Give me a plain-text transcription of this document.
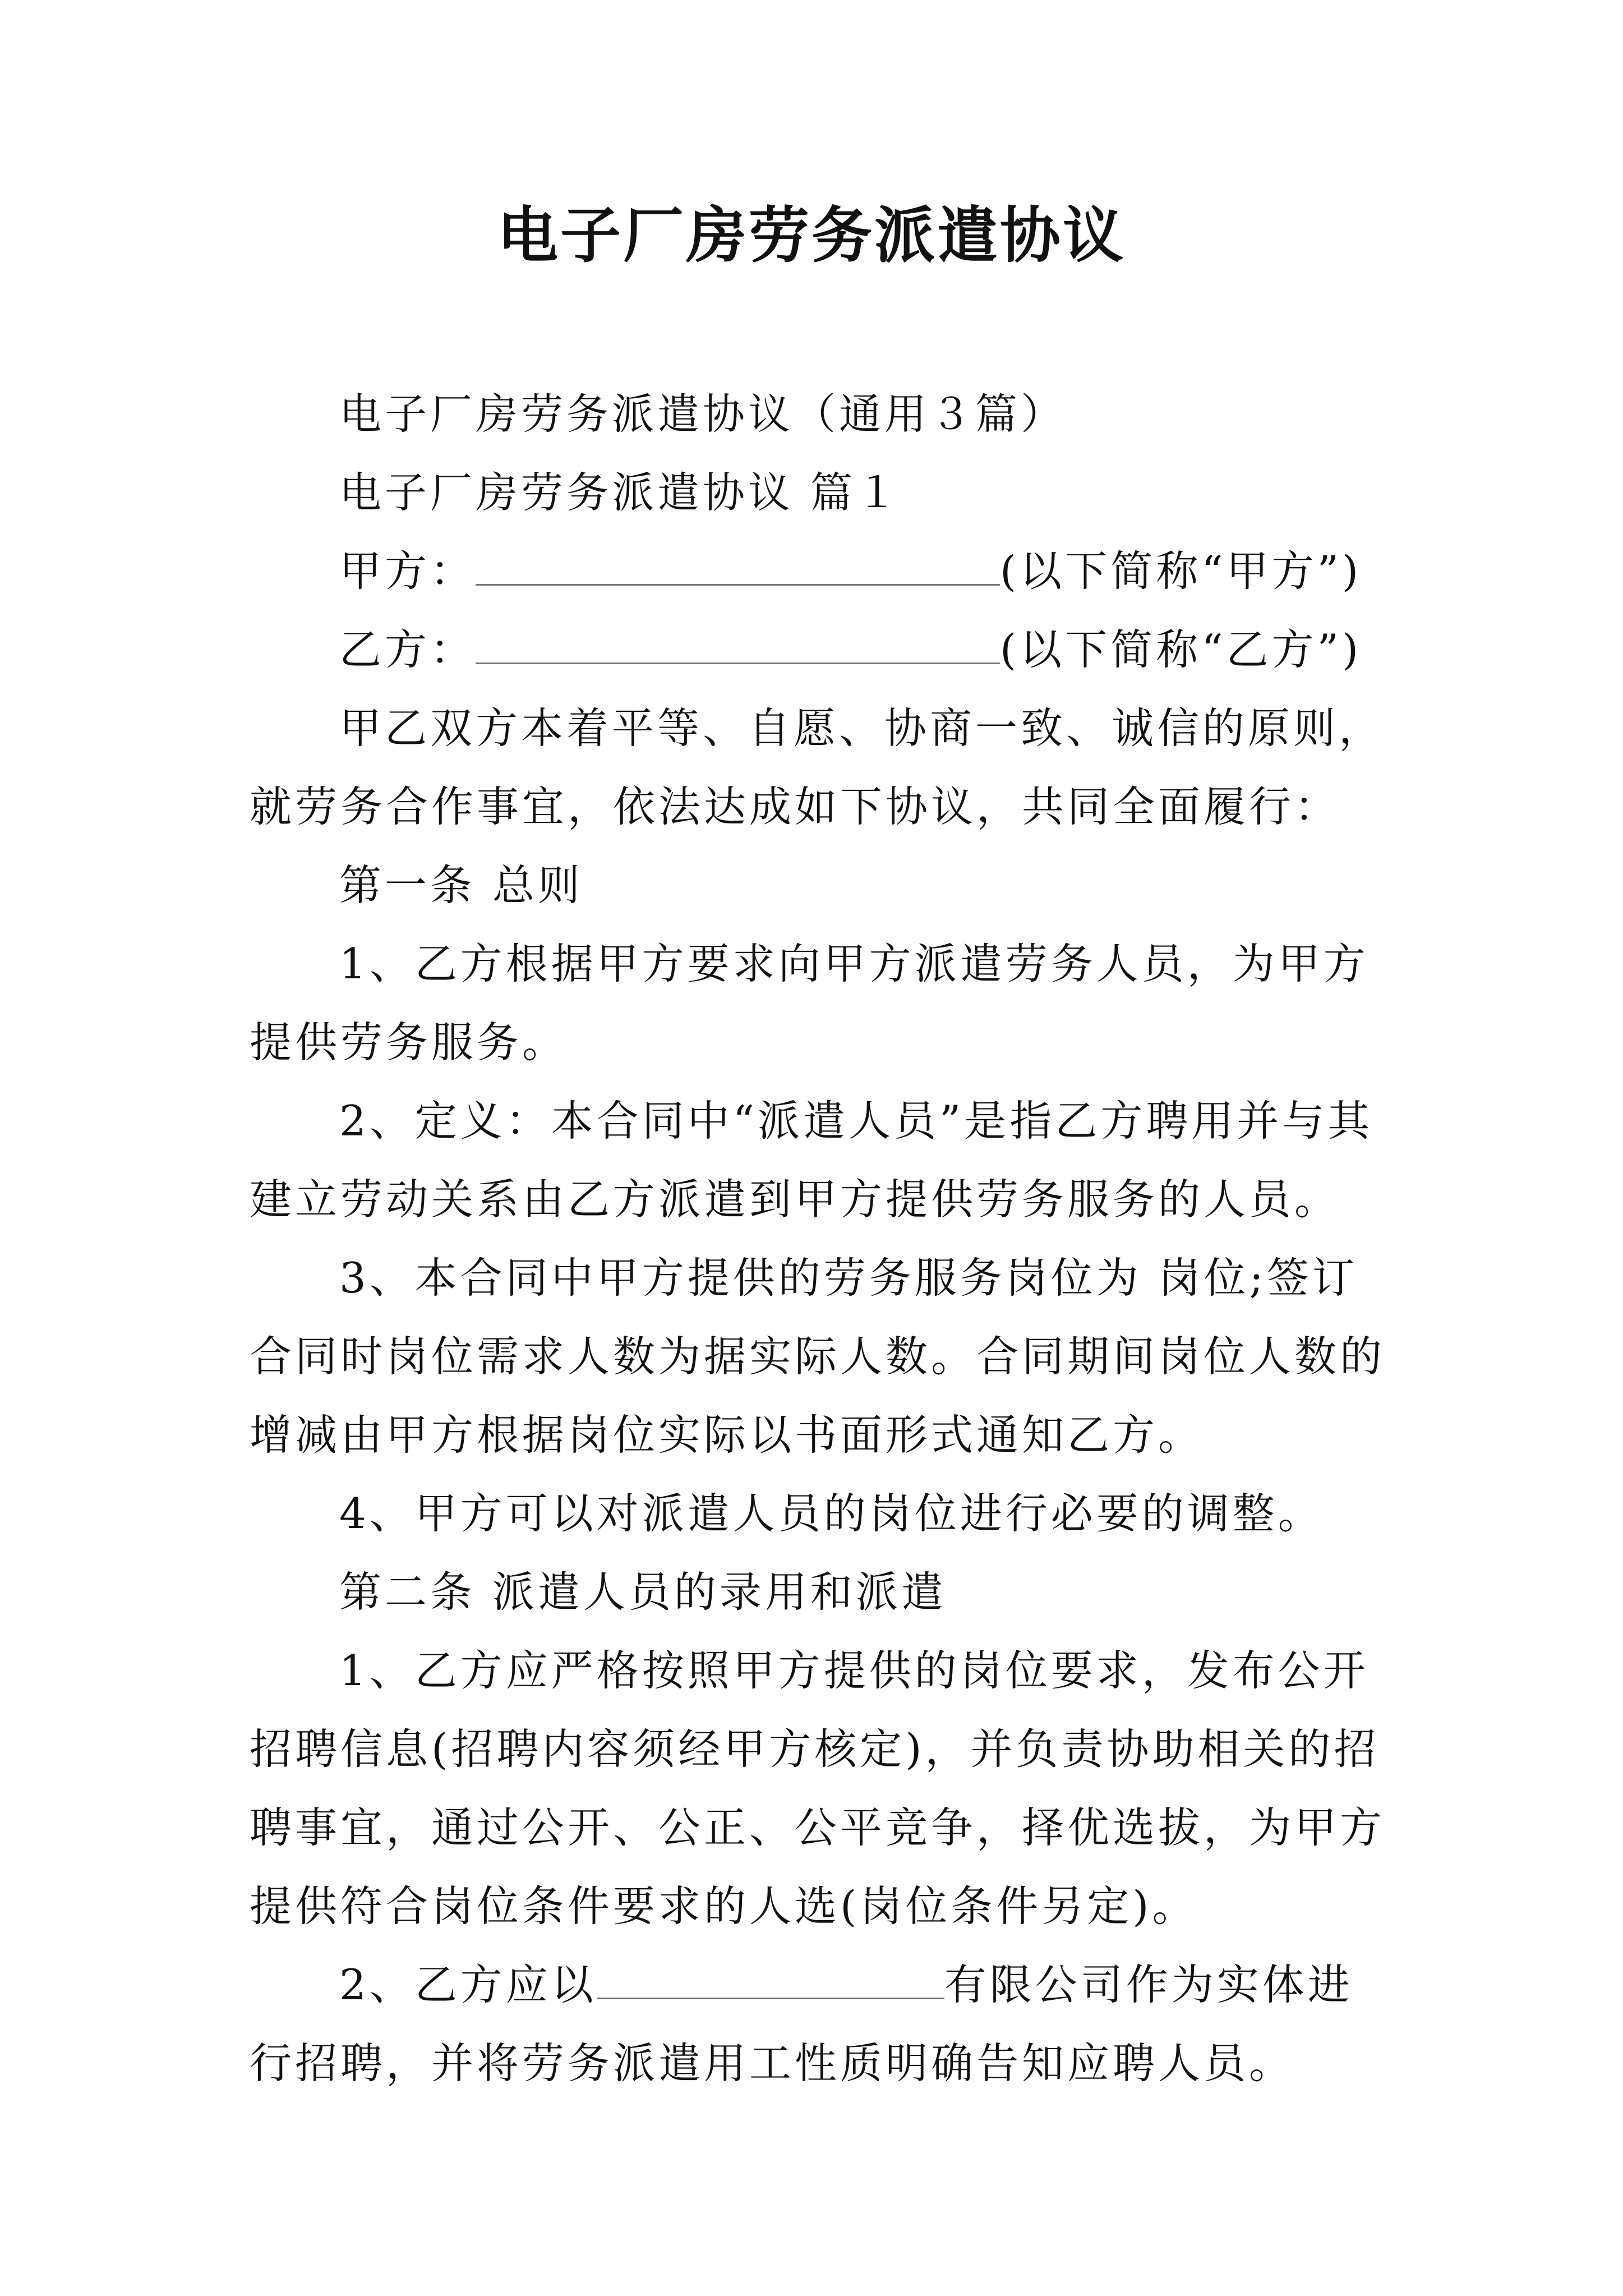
电子厂房劳务派遣协议

电子厂房劳务派遣协议（通用３篇）

电子厂房劳务派遣协议 篇１

甲方：	(以下简称“甲方”)

乙方：	(以下简称“乙方”)

甲乙双方本着平等、自愿、协商一致、诚信的原则，就劳务合作事宜，依法达成如下协议，共同全面履行：

第一条 总则

1、乙方根据甲方要求向甲方派遣劳务人员，为甲方提供劳务服务。

2、定义：本合同中“派遣人员”是指乙方聘用并与其建立劳动关系由乙方派遣到甲方提供劳务服务的人员。

3、本合同中甲方提供的劳务服务岗位为 岗位;签订合同时岗位需求人数为据实际人数。合同期间岗位人数的增减由甲方根据岗位实际以书面形式通知乙方。

4、甲方可以对派遣人员的岗位进行必要的调整。

第二条 派遣人员的录用和派遣

1、乙方应严格按照甲方提供的岗位要求，发布公开招聘信息(招聘内容须经甲方核定)，并负责协助相关的招聘事宜，通过公开、公正、公平竞争，择优选拔，为甲方提供符合岗位条件要求的人选(岗位条件另定)。

2、乙方应以	有限公司作为实体进行招聘，并将劳务派遣用工性质明确告知应聘人员。
